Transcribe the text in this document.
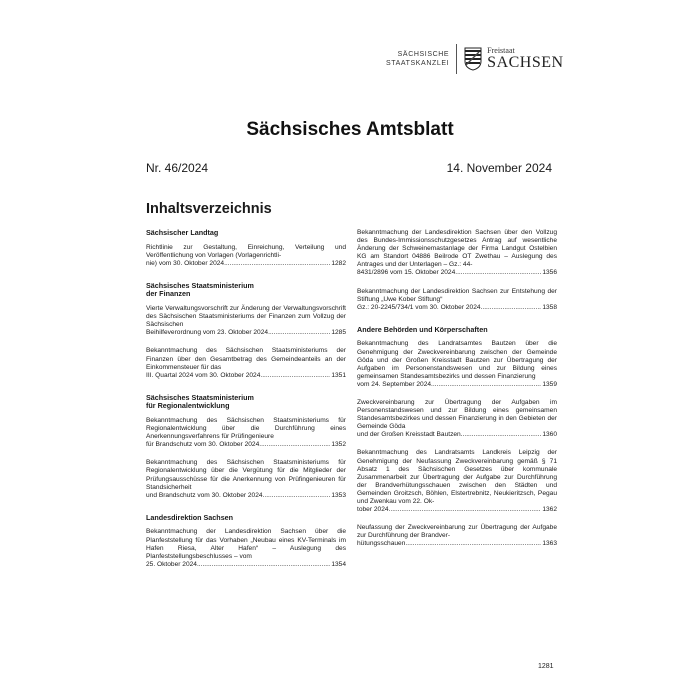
SÄCHSISCHE
STAATSKANZLEI
Freistaat
SACHSEN
Sächsisches Amtsblatt
Nr. 46/2024	14. November 2024
Inhaltsverzeichnis
Sächsischer Landtag
Richtlinie zur Gestaltung, Einreichung, Verteilung und Veröffentlichung von Vorlagen (Vorlagenrichtli-
nie) vom 30. Oktober 2024 .....	1282
Sächsisches Staatsministerium
der Finanzen
Vierte Verwaltungsvorschrift zur Änderung der Verwaltungsvorschrift des Sächsischen Staatsministeriums der Finanzen zum Vollzug der Sächsischen
Beihilfeverordnung vom 23. Oktober 2024 .....	1285
Bekanntmachung des Sächsischen Staatsministeriums der Finanzen über den Gesamtbetrag des Gemeindeanteils an der Einkommensteuer für das
III. Quartal 2024 vom 30. Oktober 2024 .....	1351
Sächsisches Staatsministerium
für Regionalentwicklung
Bekanntmachung des Sächsischen Staatsministeriums für Regionalentwicklung über die Durchführung eines Anerkennungsverfahrens für Prüfingenieure
für Brandschutz vom 30. Oktober 2024 .....	1352
Bekanntmachung des Sächsischen Staatsministeriums für Regionalentwicklung über die Vergütung für die Mitglieder der Prüfungsausschüsse für die Anerkennung von Prüfingenieuren für Standsicherheit
und Brandschutz vom 30. Oktober 2024 .....	1353
Landesdirektion Sachsen
Bekanntmachung der Landesdirektion Sachsen über die Planfeststellung für das Vorhaben „Neubau eines KV-Terminals im Hafen Riesa, Alter Hafen“ – Auslegung des Planfeststellungsbeschlusses – vom
25. Oktober 2024 .....	1354
Bekanntmachung der Landesdirektion Sachsen über den Vollzug des Bundes-Immissionsschutzgesetzes Antrag auf wesentliche Änderung der Schweinemastanlage der Firma Landgut Ostelbien KG am Standort 04886 Beilrode OT Zwethau – Auslegung des Antrages und der Unterlagen – Gz.: 44-
8431/2896 vom 15. Oktober 2024 .....	1356
Bekanntmachung der Landesdirektion Sachsen zur Entstehung der Stiftung „Uwe Kober Stiftung“
Gz.: 20-2245/734/1 vom 30. Oktober 2024 .....	1358
Andere Behörden und Körperschaften
Bekanntmachung des Landratsamtes Bautzen über die Genehmigung der Zweckvereinbarung zwischen der Gemeinde Göda und der Großen Kreisstadt Bautzen zur Übertragung der Aufgaben im Personenstandswesen und zur Bildung eines gemeinsamen Standesamtsbezirks und dessen Finanzierung
vom 24. September 2024 .....	1359
Zweckvereinbarung zur Übertragung der Aufgaben im Personenstandswesen und zur Bildung eines gemeinsamen Standesamtsbezirkes und dessen Finanzierung in den Gebieten der Gemeinde Göda
und der Großen Kreisstadt Bautzen .....	1360
Bekanntmachung des Landratsamts Landkreis Leipzig der Genehmigung der Neufassung Zweckvereinbarung gemäß § 71 Absatz 1 des Sächsischen Gesetzes über kommunale Zusammenarbeit zur Übertragung der Aufgabe zur Durchführung der Brandverhütungsschauen zwischen den Städten und Gemeinden Groitzsch, Böhlen, Elstertrebnitz, Neukieritzsch, Pegau und Zwenkau vom 22. Ok-
tober 2024 .....	1362
Neufassung der Zweckvereinbarung zur Übertragung der Aufgabe zur Durchführung der Brandver-
hütungsschauen .....	1363
1281
